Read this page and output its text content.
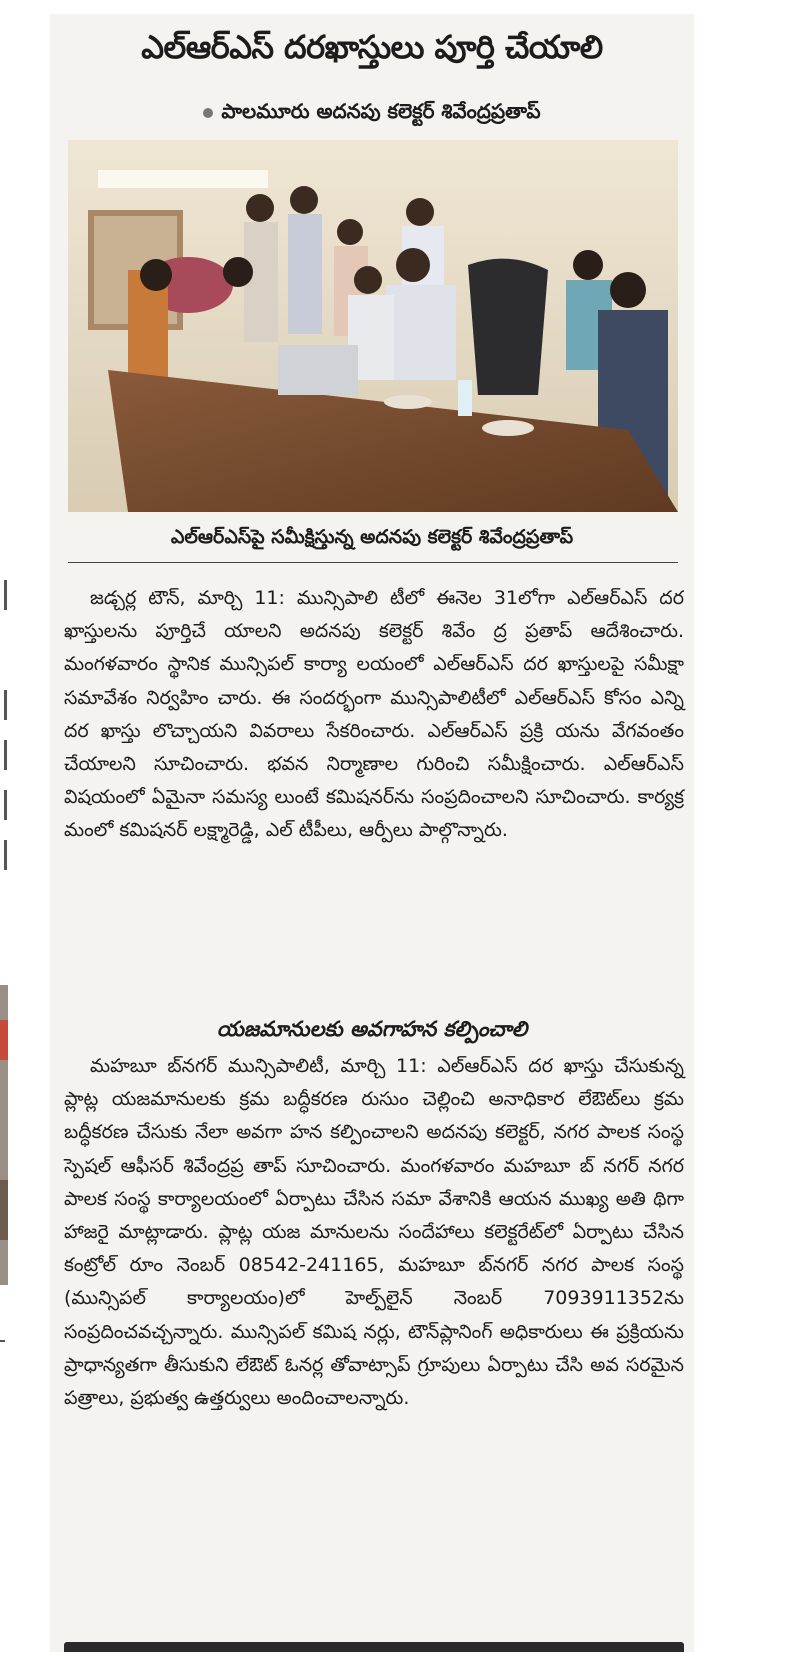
ఎల్‌ఆర్‌ఎస్‌ దరఖాస్తులు పూర్తి చేయాలి

పాలమూరు అదనపు కలెక్టర్‌ శివేంద్రప్రతాప్‌

ఎల్‌ఆర్‌ఎస్‌పై సమీక్షిస్తున్న అదనపు కలెక్టర్‌ శివేంద్రప్రతాప్‌

జడ్చర్ల టౌన్‌, మార్చి 11: మున్సిపాలి టీలో ఈనెల 31లోగా ఎల్‌ఆర్‌ఎస్‌ దర ఖాస్తులను పూర్తిచే యాలని అదనపు కలెక్టర్‌ శివేం ద్ర ప్రతాప్‌ ఆదేశించారు. మంగళవారం స్థానిక మున్సిపల్‌ కార్యా లయంలో ఎల్‌ఆర్‌ఎస్‌ దర ఖాస్తులపై సమీక్షా సమావేశం నిర్వహిం చారు. ఈ సందర్భంగా మున్సిపాలిటీలో ఎల్‌ఆర్‌ఎస్‌ కోసం ఎన్ని దర ఖాస్తు లొచ్చాయని వివరాలు సేకరించారు. ఎల్‌ఆర్‌ఎస్‌ ప్రక్రి యను వేగవంతం చేయాలని సూచించారు. భవన నిర్మాణాల గురించి సమీక్షించారు. ఎల్‌ఆర్‌ఎస్‌ విషయంలో ఏమైనా సమస్య లుంటే కమిషనర్‌ను సంప్రదించాలని సూచించారు. కార్యక్ర మంలో కమిషనర్‌ లక్ష్మారెడ్డి, ఎల్‌ టీపీలు, ఆర్పీలు పాల్గొన్నారు.

యజమానులకు అవగాహన కల్పించాలి

మహబూ బ్‌నగర్‌ మున్సిపాలిటీ, మార్చి 11: ఎల్‌ఆర్‌ఎస్‌ దర ఖాస్తు చేసుకున్న ప్లాట్ల యజమానులకు క్రమ బద్ధీకరణ రుసుం చెల్లించి అనాధికార లేఔట్‌లు క్రమ బద్ధీకరణ చేసుకు నేలా అవగా హన కల్పించాలని అదనపు కలెక్టర్‌, నగర పాలక సంస్థ స్పెషల్‌ ఆఫీసర్‌ శివేంద్రప్ర తాప్‌ సూచించారు. మంగళవారం మహబూ బ్‌ నగర్‌ నగర పాలక సంస్థ కార్యాలయంలో ఏర్పాటు చేసిన సమా వేశానికి ఆయన ముఖ్య అతి థిగా హాజరై మాట్లాడారు. ప్లాట్ల యజ మానులను సందేహాలు కలెక్టరేట్‌లో ఏర్పాటు చేసిన కంట్రోల్‌ రూం నెంబర్‌ 08542-241165, మహబూ బ్‌నగర్‌ నగర పాలక సంస్థ (మున్సిపల్‌ కార్యాలయం)లో హెల్ప్‌లైన్‌ నెంబర్‌ 7093911352ను సంప్రదించవచ్చన్నారు. మున్సిపల్‌ కమిష నర్లు, టౌన్‌ప్లానింగ్‌ అధికారులు ఈ ప్రక్రియను ప్రాధాన్యతగా తీసుకుని లేఔట్‌ ఓనర్ల తోవాట్సాప్‌ గ్రూపులు ఏర్పాటు చేసి అవ సరమైన పత్రాలు, ప్రభుత్వ ఉత్తర్వులు అందించాలన్నారు.
